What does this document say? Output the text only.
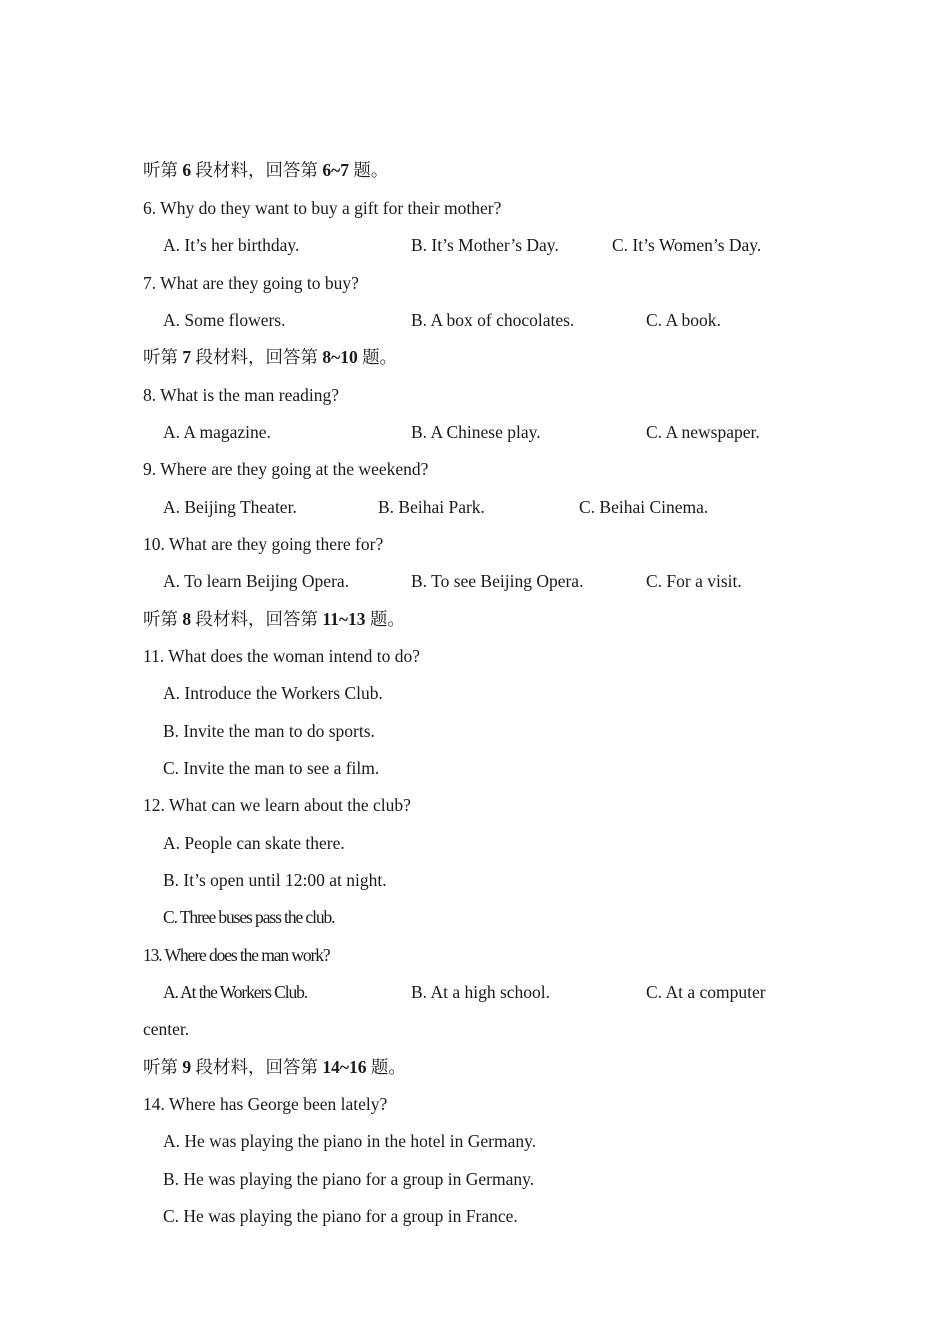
听第 6 段材料，回答第 6~7 题。
6. Why do they want to buy a gift for their mother?
A. It’s her birthday.	B. It’s Mother’s Day.	C. It’s Women’s Day.
7. What are they going to buy?
A. Some flowers.	B. A box of chocolates.	C. A book.
听第 7 段材料，回答第 8~10 题。
8. What is the man reading?
A. A magazine.	B. A Chinese play.	C. A newspaper.
9. Where are they going at the weekend?
A. Beijing Theater.	B. Beihai Park.	C. Beihai Cinema.
10. What are they going there for?
A. To learn Beijing Opera.	B. To see Beijing Opera.	C. For a visit.
听第 8 段材料，回答第 11~13 题。
11. What does the woman intend to do?
A. Introduce the Workers Club.
B. Invite the man to do sports.
C. Invite the man to see a film.
12. What can we learn about the club?
A. People can skate there.
B. It’s open until 12:00 at night.
C. Three buses pass the club.
13. Where does the man work?
A. At the Workers Club.	B. At a high school.	C. At a computer
center.
听第 9 段材料，回答第 14~16 题。
14. Where has George been lately?
A. He was playing the piano in the hotel in Germany.
B. He was playing the piano for a group in Germany.
C. He was playing the piano for a group in France.
